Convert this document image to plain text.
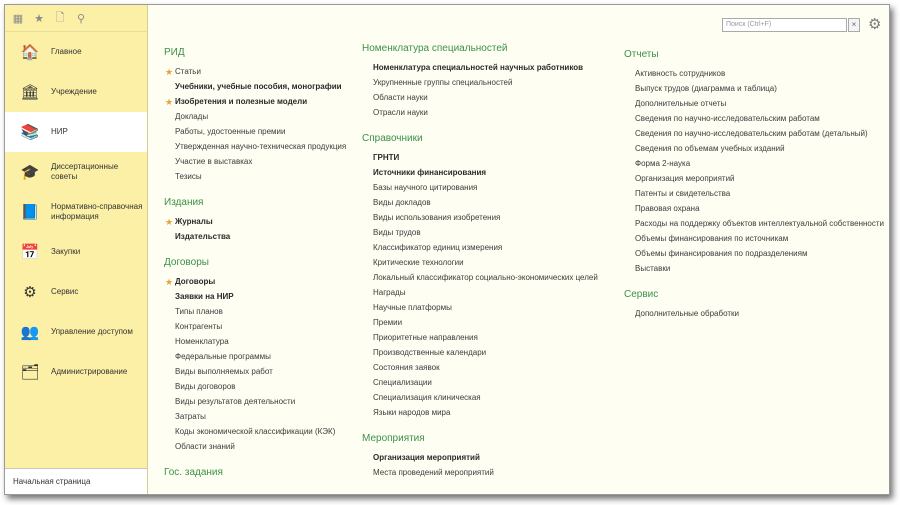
▦ ★ 🗋 ⚲
🏠	Главное
🏛	Учреждение
📚	НИР
🎓	Диссертационные советы
📘	Нормативно-справочная информация
📅	Закупки
⚙	Сервис
👥	Управление доступом
🗂	Администрирование
Начальная страница
Поиск (Ctrl+F)	× ⚙
РИД
★ Статьи
Учебники, учебные пособия, монографии
★ Изобретения и полезные модели
Доклады
Работы, удостоенные премии
Утвержденная научно-техническая продукция
Участие в выставках
Тезисы
Издания
★ Журналы
Издательства
Договоры
★ Договоры
Заявки на НИР
Типы планов
Контрагенты
Номенклатура
Федеральные программы
Виды выполняемых работ
Виды договоров
Виды результатов деятельности
Затраты
Коды экономической классификации (КЭК)
Области знаний
Гос. задания
Номенклатура специальностей
Номенклатура специальностей научных работников
Укрупненные группы специальностей
Области науки
Отрасли науки
Справочники
ГРНТИ
Источники финансирования
Базы научного цитирования
Виды докладов
Виды использования изобретения
Виды трудов
Классификатор единиц измерения
Критические технологии
Локальный классификатор социально-экономических целей
Награды
Научные платформы
Премии
Приоритетные направления
Производственные календари
Состояния заявок
Специализации
Специализация клиническая
Языки народов мира
Мероприятия
Организация мероприятий
Места проведений мероприятий
Отчеты
Активность сотрудников
Выпуск трудов (диаграмма и таблица)
Дополнительные отчеты
Сведения по научно-исследовательским работам
Сведения по научно-исследовательским работам (детальный)
Сведения по объемам учебных изданий
Форма 2-наука
Организация мероприятий
Патенты и свидетельства
Правовая охрана
Расходы на поддержку объектов интеллектуальной собственности
Объемы финансирования по источникам
Объемы финансирования по подразделениям
Выставки
Сервис
Дополнительные обработки
